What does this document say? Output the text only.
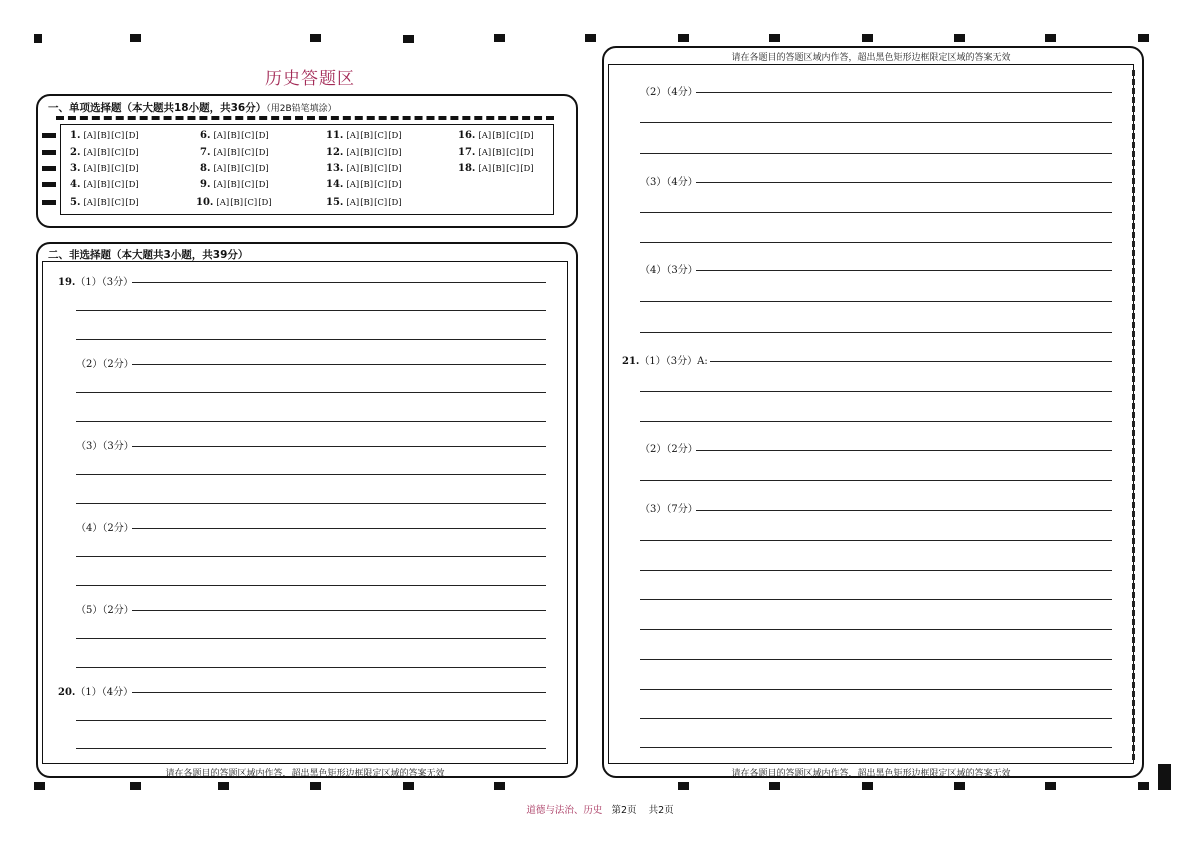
历史答题区
一、单项选择题（本大题共18小题，共36分）（用2B铅笔填涂）
1. [A][B][C][D]
2. [A][B][C][D]
3. [A][B][C][D]
4. [A][B][C][D]
5. [A][B][C][D]
6. [A][B][C][D]
7. [A][B][C][D]
8. [A][B][C][D]
9. [A][B][C][D]
10. [A][B][C][D]
11. [A][B][C][D]
12. [A][B][C][D]
13. [A][B][C][D]
14. [A][B][C][D]
15. [A][B][C][D]
16. [A][B][C][D]
17. [A][B][C][D]
18. [A][B][C][D]
二、非选择题（本大题共3小题，共39分）
19.（1）（3分）
（2）（2分）
（3）（3分）
（4）（2分）
（5）（2分）
20.（1）（4分）
请在各题目的答题区域内作答，超出黑色矩形边框限定区域的答案无效
请在各题目的答题区域内作答，超出黑色矩形边框限定区域的答案无效
（2）（4分）
（3）（4分）
（4）（3分）
21.（1）（3分）A:
（2）（2分）
（3）（7分）
请在各题目的答题区域内作答，超出黑色矩形边框限定区域的答案无效
道德与法治、历史 第2页 共2页
